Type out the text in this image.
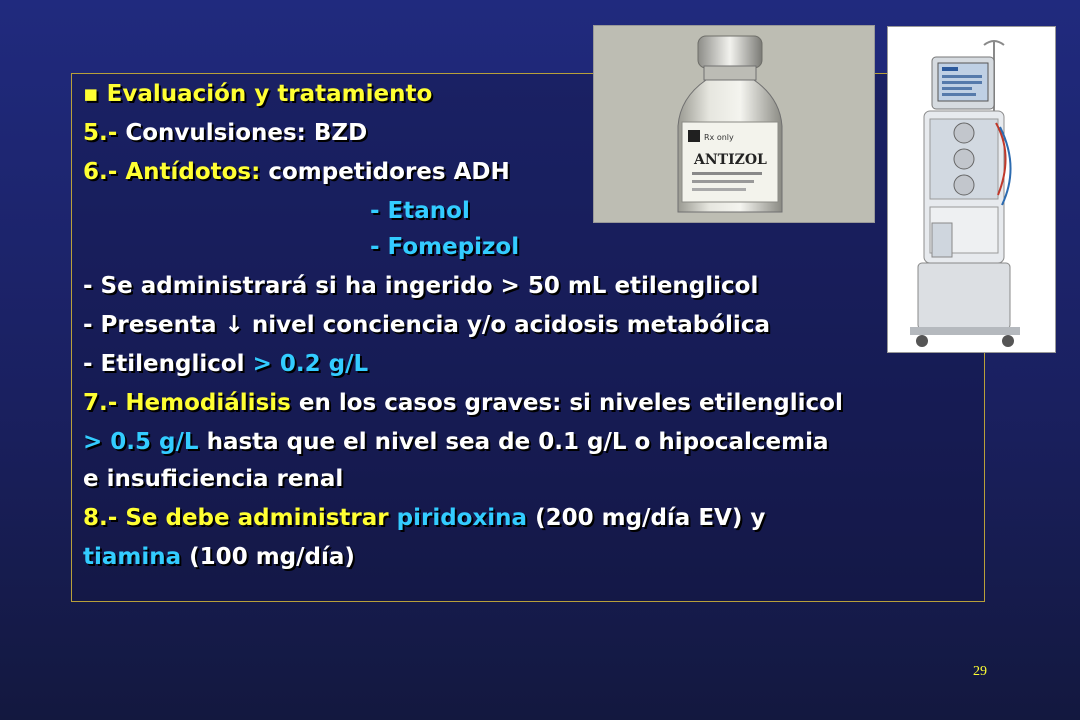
▪ Evaluación y tratamiento
5.- Convulsiones: BZD
6.- Antídotos: competidores ADH
- Etanol
- Fomepizol
- Se administrará si ha ingerido > 50 mL etilenglicol
- Presenta ↓ nivel conciencia y/o acidosis metabólica
- Etilenglicol > 0.2 g/L
7.- Hemodiálisis en los casos graves: si niveles etilenglicol
> 0.5 g/L hasta que el nivel sea de 0.1 g/L o hipocalcemia
e insuficiencia renal
8.- Se debe administrar piridoxina (200 mg/día EV) y
tiamina (100 mg/día)
Rx only
ANTIZOL
29
